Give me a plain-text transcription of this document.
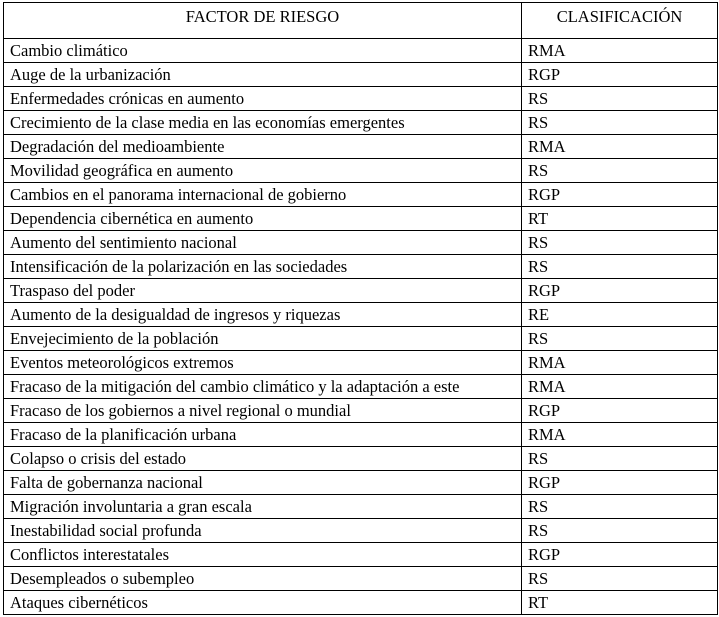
FACTOR DE RIESGO	CLASIFICACIÓN
Cambio climático	RMA
Auge de la urbanización	RGP
Enfermedades crónicas en aumento	RS
Crecimiento de la clase media en las economías emergentes	RS
Degradación del medioambiente	RMA
Movilidad geográfica en aumento	RS
Cambios en el panorama internacional de gobierno	RGP
Dependencia cibernética en aumento	RT
Aumento del sentimiento nacional	RS
Intensificación de la polarización en las sociedades	RS
Traspaso del poder	RGP
Aumento de la desigualdad de ingresos y riquezas	RE
Envejecimiento de la población	RS
Eventos meteorológicos extremos	RMA
Fracaso de la mitigación del cambio climático y la adaptación a este	RMA
Fracaso de los gobiernos a nivel regional o mundial	RGP
Fracaso de la planificación urbana	RMA
Colapso o crisis del estado	RS
Falta de gobernanza nacional	RGP
Migración involuntaria a gran escala	RS
Inestabilidad social profunda	RS
Conflictos interestatales	RGP
Desempleados o subempleo	RS
Ataques cibernéticos	RT
